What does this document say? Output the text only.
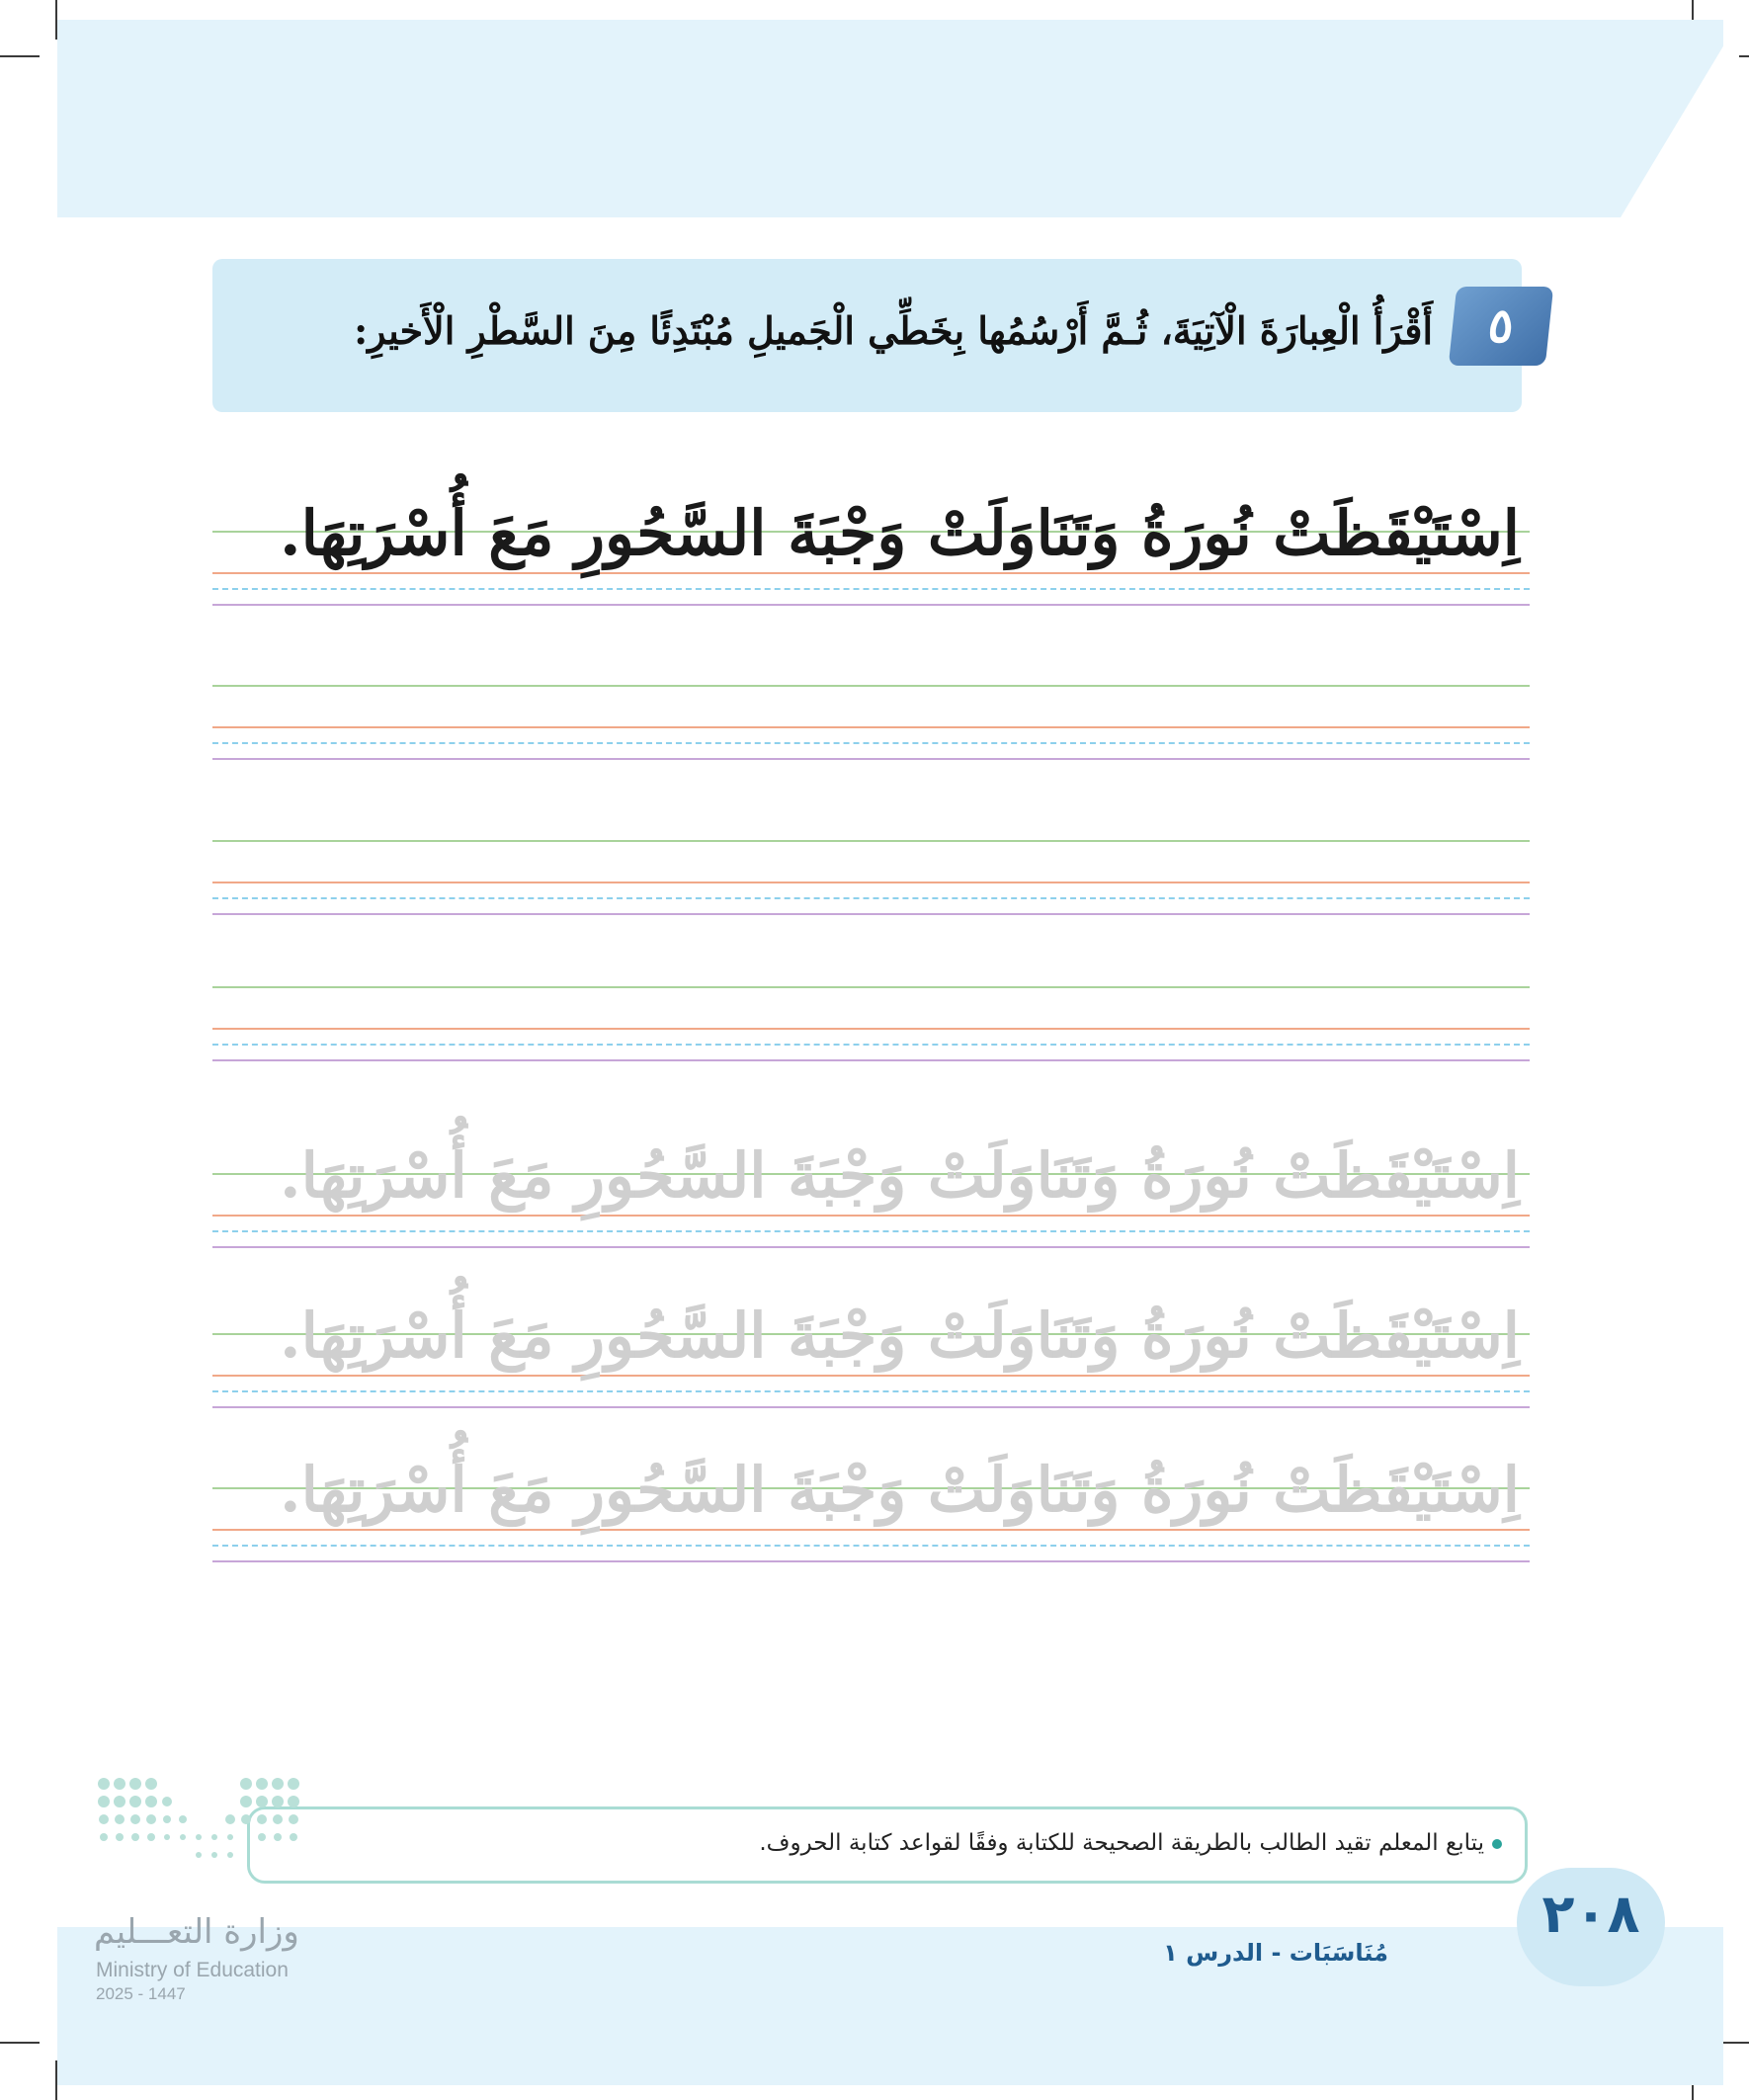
٥
أَقْرَأُ الْعِبارَةَ الْآتِيَةَ، ثُـمَّ أَرْسُمُها بِخَطِّي الْجَميلِ مُبْتَدِئًا مِنَ السَّطْرِ الْأَخيرِ:
اِسْتَيْقَظَتْ نُورَةُ وَتَنَاوَلَتْ وَجْبَةَ السَّحُورِ مَعَ أُسْرَتِهَا.
اِسْتَيْقَظَتْ نُورَةُ وَتَنَاوَلَتْ وَجْبَةَ السَّحُورِ مَعَ أُسْرَتِهَا.
اِسْتَيْقَظَتْ نُورَةُ وَتَنَاوَلَتْ وَجْبَةَ السَّحُورِ مَعَ أُسْرَتِهَا.
اِسْتَيْقَظَتْ نُورَةُ وَتَنَاوَلَتْ وَجْبَةَ السَّحُورِ مَعَ أُسْرَتِهَا.
يتابع المعلم تقيد الطالب بالطريقة الصحيحة للكتابة وفقًا لقواعد كتابة الحروف.
٢٠٨
مُنَاسَبَات - الدرس ١
وزارة التعـــليم
Ministry of Education
2025 - 1447
